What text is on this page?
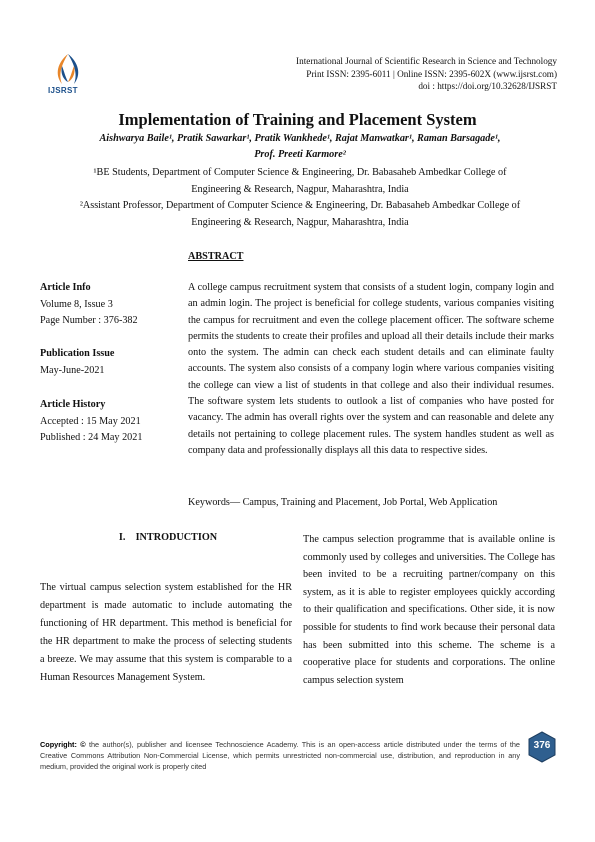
IJSRST
International Journal of Scientific Research in Science and Technology
Print ISSN: 2395-6011 | Online ISSN: 2395-602X (www.ijsrst.com)
doi : https://doi.org/10.32628/IJSRST
Implementation of Training and Placement System
Aishwarya Baile¹, Pratik Sawarkar¹, Pratik Wankhede¹, Rajat Manwatkar¹, Raman Barsagade¹,
Prof. Preeti Karmore²
¹BE Students, Department of Computer Science & Engineering, Dr. Babasaheb Ambedkar College of
Engineering & Research, Nagpur, Maharashtra, India
²Assistant Professor, Department of Computer Science & Engineering, Dr. Babasaheb Ambedkar College of
Engineering & Research, Nagpur, Maharashtra, India
ABSTRACT
Article Info
Volume 8, Issue 3
Page Number : 376-382
Publication Issue
May-June-2021
Article History
Accepted : 15 May 2021
Published : 24 May 2021
A college campus recruitment system that consists of a student login, company login and an admin login. The project is beneficial for college students, various companies visiting the campus for recruitment and even the college placement officer. The software scheme permits the students to create their profiles and upload all their details include their marks onto the system. The admin can check each student details and can eliminate faulty accounts. The system also consists of a company login where various companies visiting the college can view a list of students in that college and also their individual resumes. The software system lets students to outlook a list of companies who have posted for vacancy. The admin has overall rights over the system and can reasonable and delete any details not pertaining to college placement rules. The system handles student as well as company data and professionally displays all this data to respective sides.
Keywords— Campus, Training and Placement, Job Portal, Web Application
I.    INTRODUCTION
The virtual campus selection system established for the HR department is made automatic to include automating the functioning of HR department. This method is beneficial for the HR department to make the process of selecting students a breeze. We may assume that this system is comparable to a Human Resources Management System.
The campus selection programme that is available online is commonly used by colleges and universities. The College has been invited to be a recruiting partner/company on this system, as it is able to register employees quickly according to their qualification and specifications. Other side, it is now possible for students to find work because their personal data has been submitted into this scheme. The scheme is a cooperative place for students and corporations. The online campus selection system
Copyright: © the author(s), publisher and licensee Technoscience Academy. This is an open-access article distributed under the terms of the Creative Commons Attribution Non-Commercial License, which permits unrestricted non-commercial use, distribution, and reproduction in any medium, provided the original work is properly cited
376
